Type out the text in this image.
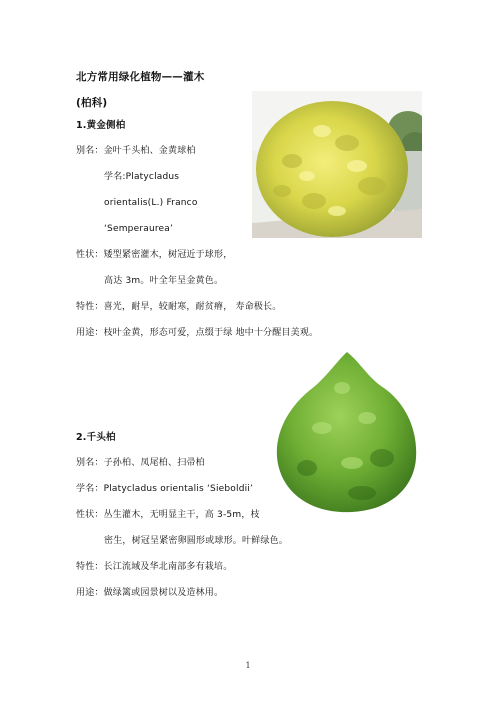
北方常用绿化植物——灌木
(柏科)
1.黄金侧柏
别名：金叶千头柏、金黄球柏
学名:Platycladus
orientalis(L.) Franco
‘Semperaurea’
性状：矮型紧密灌木，树冠近于球形，
高达 3m。叶全年呈金黄色。
特性：喜光，耐旱，较耐寒，耐贫瘠， 寿命极长。
用途：枝叶金黄，形态可爱，点缀于绿 地中十分醒目美观。
2.千头柏
别名：子孙柏、凤尾柏、扫帚柏
学名：Platycladus orientalis ‘Sieboldii’
性状：丛生灌木，无明显主干，高 3-5m，枝
密生，树冠呈紧密卵圆形或球形。叶鲜绿色。
特性：长江流域及华北南部多有栽培。
用途：做绿篱或园景树以及造林用。
1
